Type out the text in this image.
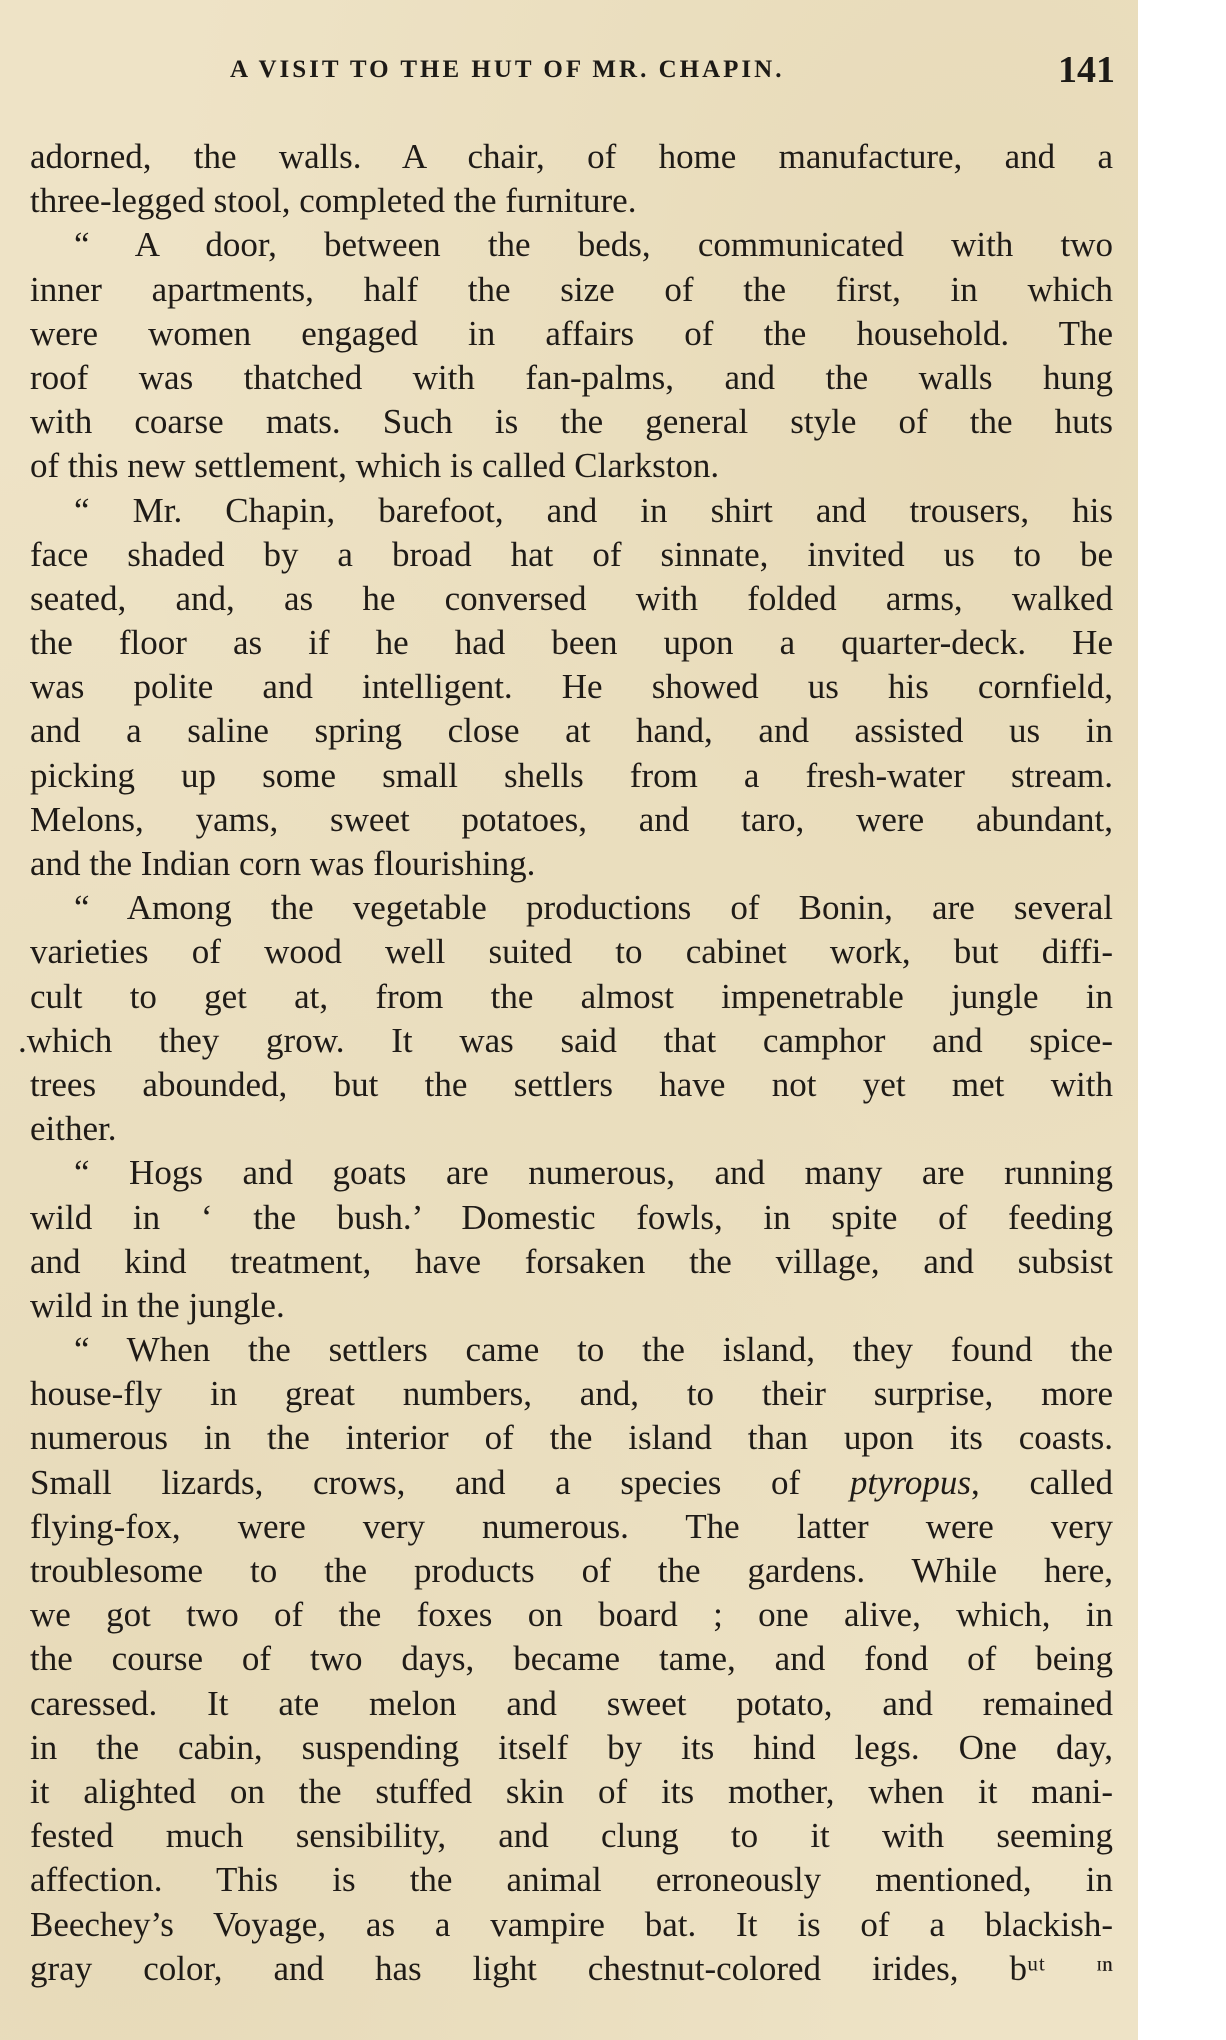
A VISIT TO THE HUT OF MR. CHAPIN.	141
adorned, the walls. A chair, of home manufacture, and a
three-legged stool, completed the furniture.
“ A door, between the beds, communicated with two
inner apartments, half the size of the first, in which
were women engaged in affairs of the household. The
roof was thatched with fan-palms, and the walls hung
with coarse mats. Such is the general style of the huts
of this new settlement, which is called Clarkston.
“ Mr. Chapin, barefoot, and in shirt and trousers, his
face shaded by a broad hat of sinnate, invited us to be
seated, and, as he conversed with folded arms, walked
the floor as if he had been upon a quarter-deck. He
was polite and intelligent. He showed us his cornfield,
and a saline spring close at hand, and assisted us in
picking up some small shells from a fresh-water stream.
Melons, yams, sweet potatoes, and taro, were abundant,
and the Indian corn was flourishing.
“ Among the vegetable productions of Bonin, are several
varieties of wood well suited to cabinet work, but diffi-
cult to get at, from the almost impenetrable jungle in
.which they grow. It was said that camphor and spice-
trees abounded, but the settlers have not yet met with
either.
“ Hogs and goats are numerous, and many are running
wild in ‘ the bush.’ Domestic fowls, in spite of feeding
and kind treatment, have forsaken the village, and subsist
wild in the jungle.
“ When the settlers came to the island, they found the
house-fly in great numbers, and, to their surprise, more
numerous in the interior of the island than upon its coasts.
Small lizards, crows, and a species of ptyropus, called
flying-fox, were very numerous. The latter were very
troublesome to the products of the gardens. While here,
we got two of the foxes on board ; one alive, which, in
the course of two days, became tame, and fond of being
caressed. It ate melon and sweet potato, and remained
in the cabin, suspending itself by its hind legs. One day,
it alighted on the stuffed skin of its mother, when it mani-
fested much sensibility, and clung to it with seeming
affection. This is the animal erroneously mentioned, in
Beechey’s Voyage, as a vampire bat. It is of a blackish-
gray color, and has light chestnut-colored irides, bᵘᵗ ᶦⁿ
